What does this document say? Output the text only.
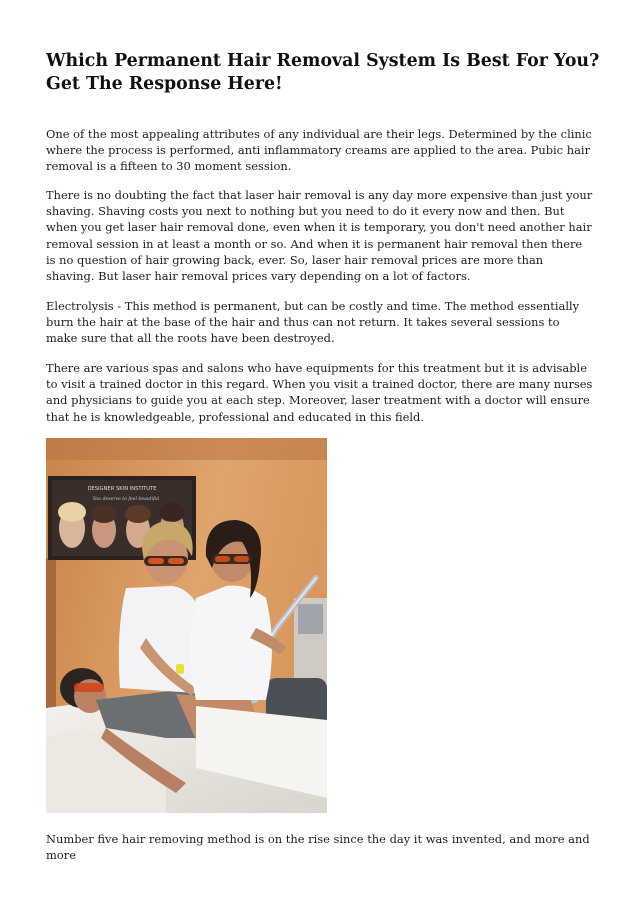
Which Permanent Hair Removal System Is Best For You? Get The Response Here!

One of the most appealing attributes of any individual are their legs. Determined by the clinic where the process is performed, anti inflammatory creams are applied to the area. Pubic hair removal is a fifteen to 30 moment session.

There is no doubting the fact that laser hair removal is any day more expensive than just your shaving. Shaving costs you next to nothing but you need to do it every now and then. But when you get laser hair removal done, even when it is temporary, you don't need another hair removal session in at least a month or so. And when it is permanent hair removal then there is no question of hair growing back, ever. So, laser hair removal prices are more than shaving. But laser hair removal prices vary depending on a lot of factors.

Electrolysis - This method is permanent, but can be costly and time. The method essentially burn the hair at the base of the hair and thus can not return. It takes several sessions to make sure that all the roots have been destroyed.

There are various spas and salons who have equipments for this treatment but it is advisable to visit a trained doctor in this regard. When you visit a trained doctor, there are many nurses and physicians to guide you at each step. Moreover, laser treatment with a doctor will ensure that he is knowledgeable, professional and educated in this field.

DESIGNER SKIN INSTITUTE
You deserve to feel beautiful

Number five hair removing method is on the rise since the day it was invented, and more and more
